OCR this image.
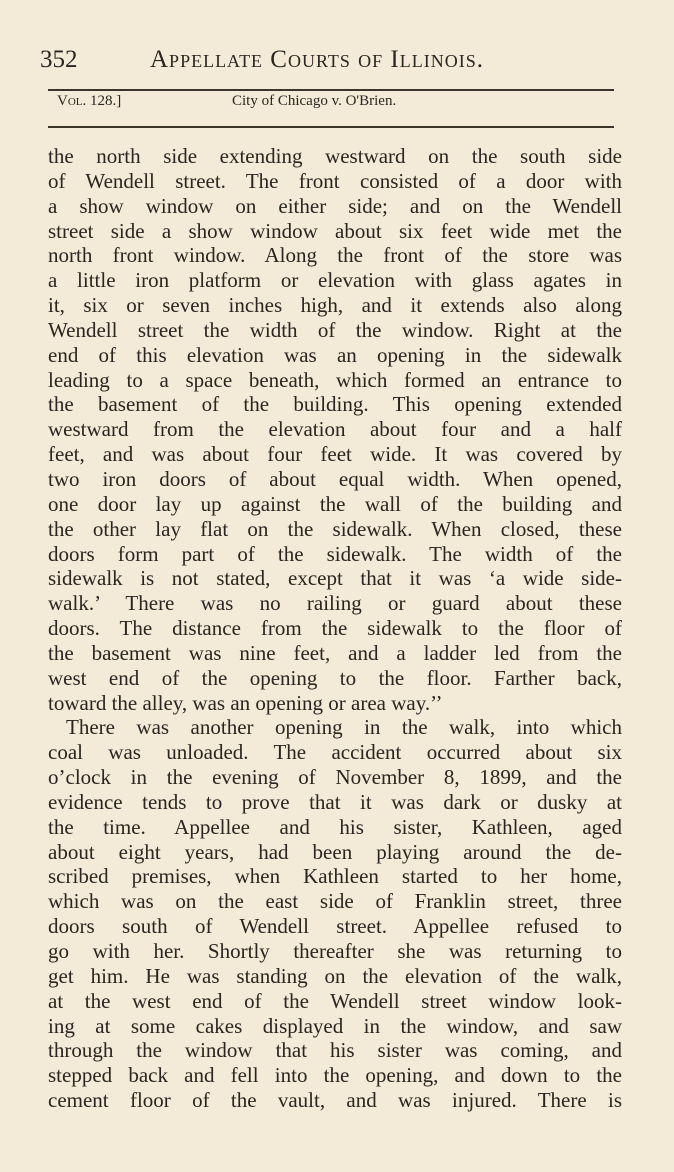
352	Appellate Courts of Illinois.
Vol. 128.]	City of Chicago v. O'Brien.
the north side extending westward on the south side
of Wendell street. The front consisted of a door with
a show window on either side; and on the Wendell
street side a show window about six feet wide met the
north front window. Along the front of the store was
a little iron platform or elevation with glass agates in
it, six or seven inches high, and it extends also along
Wendell street the width of the window. Right at the
end of this elevation was an opening in the sidewalk
leading to a space beneath, which formed an entrance to
the basement of the building. This opening extended
westward from the elevation about four and a half
feet, and was about four feet wide. It was covered by
two iron doors of about equal width. When opened,
one door lay up against the wall of the building and
the other lay flat on the sidewalk. When closed, these
doors form part of the sidewalk. The width of the
sidewalk is not stated, except that it was ‘a wide side-
walk.’ There was no railing or guard about these
doors. The distance from the sidewalk to the floor of
the basement was nine feet, and a ladder led from the
west end of the opening to the floor. Farther back,
toward the alley, was an opening or area way.’’
There was another opening in the walk, into which
coal was unloaded. The accident occurred about six
o’clock in the evening of November 8, 1899, and the
evidence tends to prove that it was dark or dusky at
the time. Appellee and his sister, Kathleen, aged
about eight years, had been playing around the de-
scribed premises, when Kathleen started to her home,
which was on the east side of Franklin street, three
doors south of Wendell street. Appellee refused to
go with her. Shortly thereafter she was returning to
get him. He was standing on the elevation of the walk,
at the west end of the Wendell street window look-
ing at some cakes displayed in the window, and saw
through the window that his sister was coming, and
stepped back and fell into the opening, and down to the
cement floor of the vault, and was injured. There is
